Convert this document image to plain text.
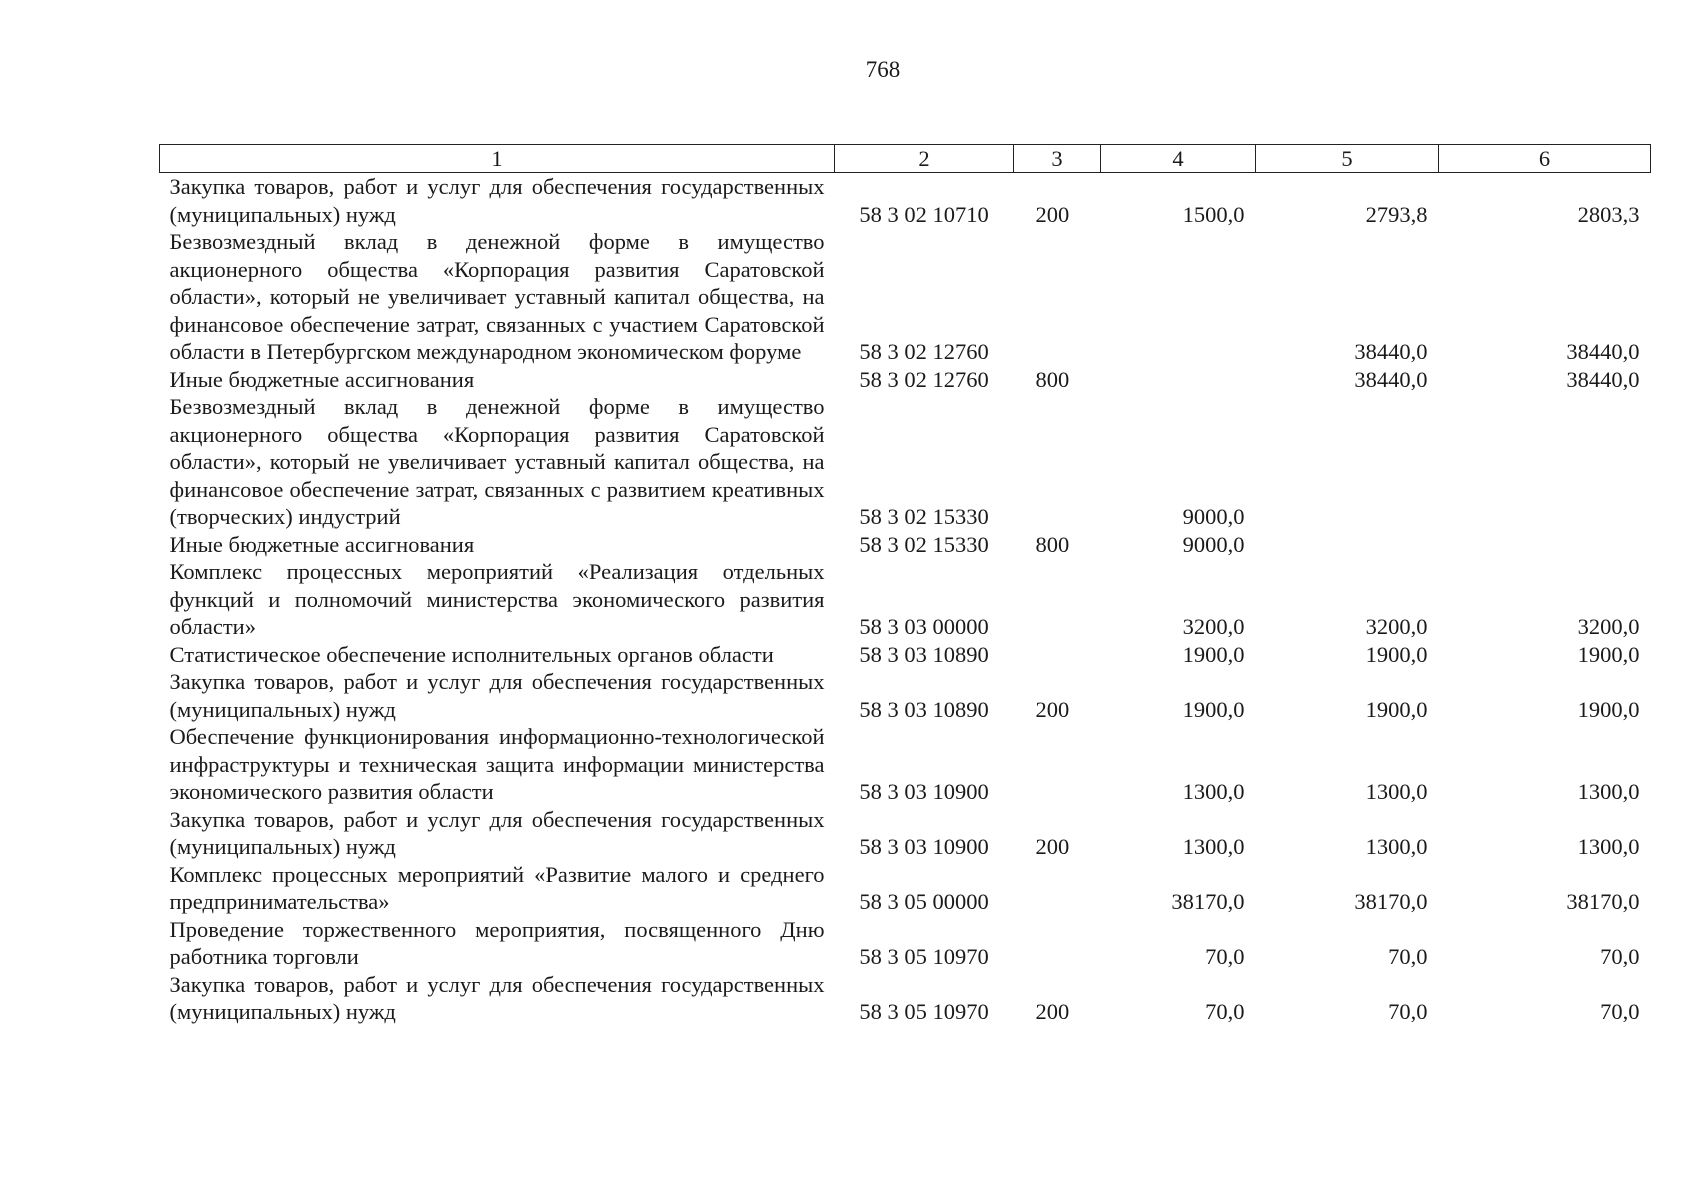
768
1	2	3	4	5	6
Закупка товаров, работ и услуг для обеспечения государственных (муниципальных) нужд	58 3 02 10710	200	1500,0	2793,8	2803,3
Безвозмездный вклад в денежной форме в имущество акционерного общества «Корпорация развития Саратовской области», который не увеличивает уставный капитал общества, на финансовое обеспечение затрат, связанных с участием Саратовской области в Петербургском международном экономическом форуме	58 3 02 12760			38440,0	38440,0
Иные бюджетные ассигнования	58 3 02 12760	800		38440,0	38440,0
Безвозмездный вклад в денежной форме в имущество акционерного общества «Корпорация развития Саратовской области», который не увеличивает уставный капитал общества, на финансовое обеспечение затрат, связанных с развитием креативных (творческих) индустрий	58 3 02 15330		9000,0		
Иные бюджетные ассигнования	58 3 02 15330	800	9000,0		
Комплекс процессных мероприятий «Реализация отдельных функций и полномочий министерства экономического развития области»	58 3 03 00000		3200,0	3200,0	3200,0
Статистическое обеспечение исполнительных органов области	58 3 03 10890		1900,0	1900,0	1900,0
Закупка товаров, работ и услуг для обеспечения государственных (муниципальных) нужд	58 3 03 10890	200	1900,0	1900,0	1900,0
Обеспечение функционирования информационно-технологической инфраструктуры и техническая защита информации министерства экономического развития области	58 3 03 10900		1300,0	1300,0	1300,0
Закупка товаров, работ и услуг для обеспечения государственных (муниципальных) нужд	58 3 03 10900	200	1300,0	1300,0	1300,0
Комплекс процессных мероприятий «Развитие малого и среднего предпринимательства»	58 3 05 00000		38170,0	38170,0	38170,0
Проведение торжественного мероприятия, посвященного Дню работника торговли	58 3 05 10970		70,0	70,0	70,0
Закупка товаров, работ и услуг для обеспечения государственных (муниципальных) нужд	58 3 05 10970	200	70,0	70,0	70,0
